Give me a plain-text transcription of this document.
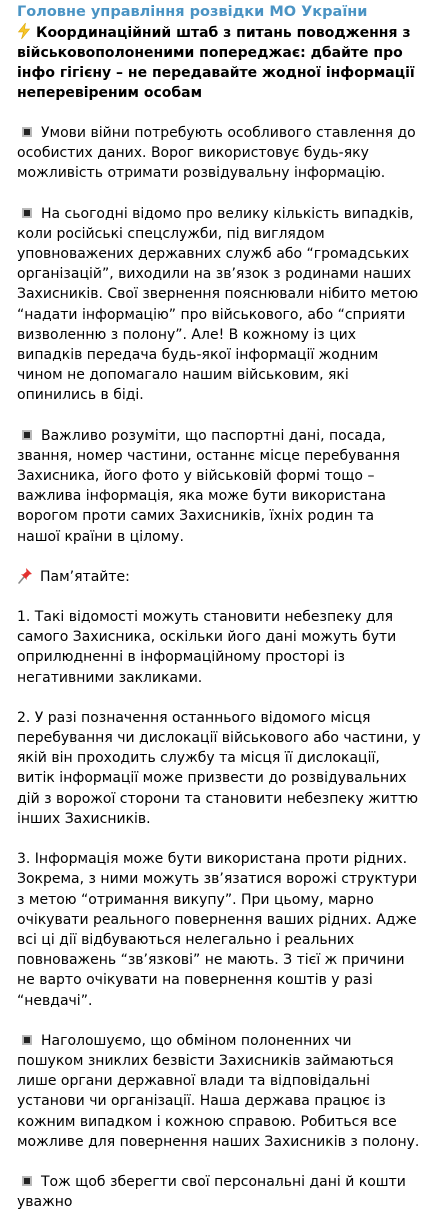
Головне управління розвідки МО України
Координаційний штаб з питань поводження з військовополоненими попереджає: дбайте про інфо гігієну – не передавайте жодної інформації неперевіреним особам
Умови війни потребують особливого ставлення до особистих даних. Ворог використовує будь-яку можливість отримати розвідувальну інформацію.
На сьогодні відомо про велику кількість випадків, коли російські спецслужби, під виглядом уповноважених державних служб або “громадських організацій”, виходили на зв’язок з родинами наших Захисників. Свої звернення пояснювали нібито метою “надати інформацію” про військового, або “сприяти визволенню з полону”. Але! В кожному із цих випадків передача будь-якої інформації жодним чином не допомагало нашим військовим, які опинились в біді.
Важливо розуміти, що паспортні дані, посада, звання, номер частини, останнє місце перебування Захисника, його фото у військовій формі тощо – важлива інформація, яка може бути використана ворогом проти самих Захисників, їхніх родин та нашої країни в цілому.
Пам’ятайте:
1. Такі відомості можуть становити небезпеку для самого Захисника, оскільки його дані можуть бути оприлюдненні в інформаційному просторі із негативними закликами.
2. У разі позначення останнього відомого місця перебування чи дислокації військового або частини, у якій він проходить службу та місця її дислокації, витік інформації може призвести до розвідувальних дій з ворожої сторони та становити небезпеку життю інших Захисників.
3. Інформація може бути використана проти рідних. Зокрема, з ними можуть зв’язатися ворожі структури з метою “отримання викупу”. При цьому, марно очікувати реального повернення ваших рідних. Адже всі ці дії відбуваються нелегально і реальних повноважень “зв’язкові” не мають. З тієї ж причини не варто очікувати на повернення коштів у разі “невдачі”.
Наголошуємо, що обміном полоненних чи пошуком зниклих безвісти Захисників займаються лише органи державної влади та відповідальні установи чи організації. Наша держава працює із кожним випадком і кожною справою. Робиться все можливе для повернення наших Захисників з полону.
Тож щоб зберегти свої персональні дані й кошти уважно
